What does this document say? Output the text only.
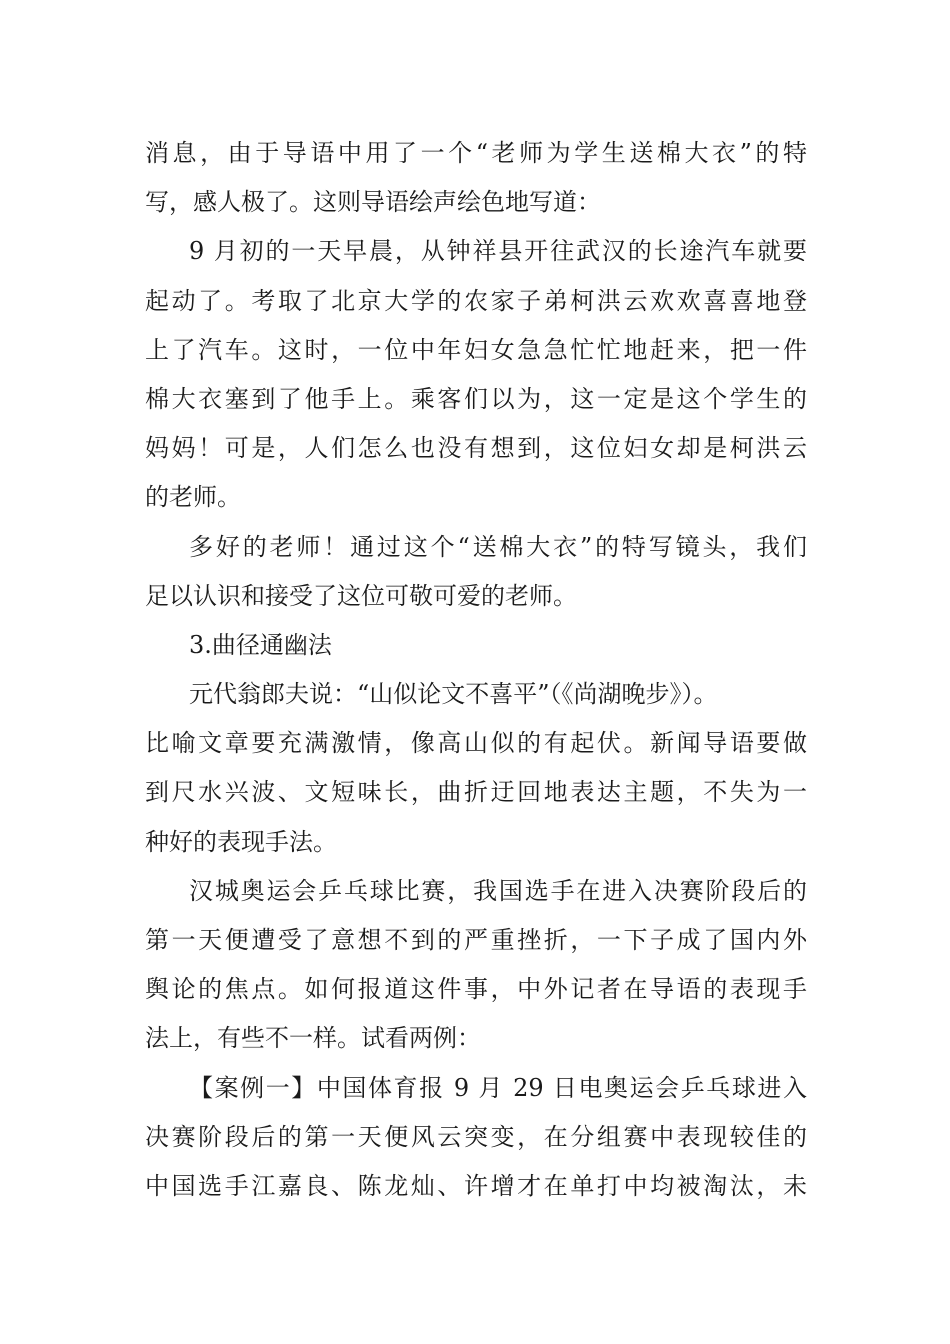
消息，由于导语中用了一个“老师为学生送棉大衣”的特
写，感人极了。这则导语绘声绘色地写道：
9 月初的一天早晨，从钟祥县开往武汉的长途汽车就要
起动了。考取了北京大学的农家子弟柯洪云欢欢喜喜地登
上了汽车。这时，一位中年妇女急急忙忙地赶来，把一件
棉大衣塞到了他手上。乘客们以为，这一定是这个学生的
妈妈！可是，人们怎么也没有想到，这位妇女却是柯洪云
的老师。
多好的老师！通过这个“送棉大衣”的特写镜头，我们
足以认识和接受了这位可敬可爱的老师。
3.曲径通幽法
元代翁郎夫说：“山似论文不喜平”（《尚湖晚步》）。
比喻文章要充满激情，像高山似的有起伏。新闻导语要做
到尺水兴波、文短味长，曲折迂回地表达主题，不失为一
种好的表现手法。
汉城奥运会乒乓球比赛，我国选手在进入决赛阶段后的
第一天便遭受了意想不到的严重挫折，一下子成了国内外
舆论的焦点。如何报道这件事，中外记者在导语的表现手
法上，有些不一样。试看两例：
【案例一】中国体育报 9 月 29 日电奥运会乒乓球进入
决赛阶段后的第一天便风云突变，在分组赛中表现较佳的
中国选手江嘉良、陈龙灿、许增才在单打中均被淘汰，未
